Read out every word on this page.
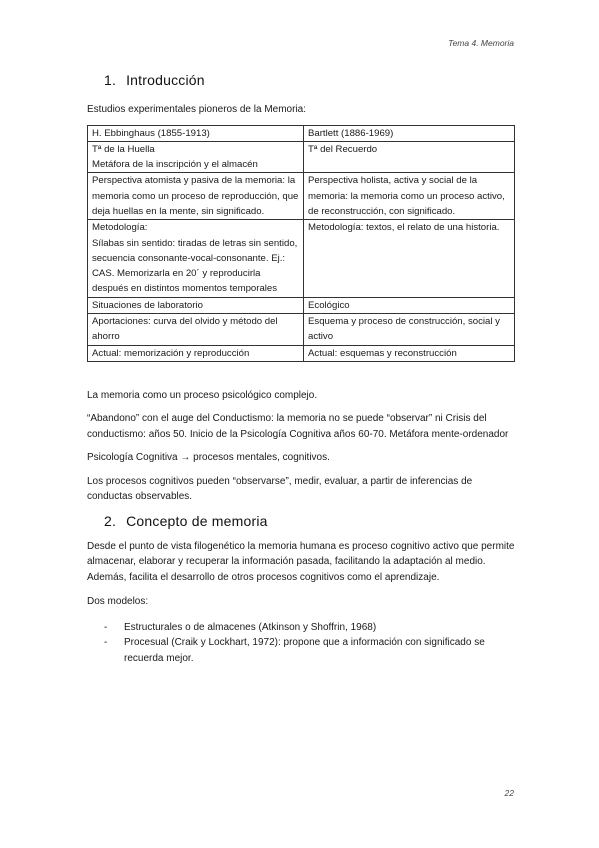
Tema 4. Memoria
1. Introducción

Estudios experimentales pioneros de la Memoria:

H. Ebbinghaus (1855-1913)	Bartlett (1886-1969)
Tª de la Huella
Metáfora de la inscripción y el almacén	Tª del Recuerdo
Perspectiva atomista y pasiva de la memoria: la memoria como un proceso de reproducción, que deja huellas en la mente, sin significado.	Perspectiva holista, activa y social de la memoria: la memoria como un proceso activo, de reconstrucción, con significado.
Metodología:
Sílabas sin sentido: tiradas de letras sin sentido, secuencia consonante-vocal-consonante. Ej.: CAS. Memorizarla en 20´ y reproducirla después en distintos momentos temporales	Metodología: textos, el relato de una historia.
Situaciones de laboratorio	Ecológico
Aportaciones: curva del olvido y método del ahorro	Esquema y proceso de construcción, social y activo
Actual: memorización y reproducción	Actual: esquemas y reconstrucción

La memoria como un proceso psicológico complejo.

“Abandono” con el auge del Conductismo: la memoria no se puede “observar” ni Crisis del conductismo: años 50. Inicio de la Psicología Cognitiva años 60-70. Metáfora mente-ordenador

Psicología Cognitiva → procesos mentales, cognitivos.

Los procesos cognitivos pueden “observarse”, medir, evaluar, a partir de inferencias de conductas observables.

2. Concepto de memoria

Desde el punto de vista filogenético la memoria humana es proceso cognitivo activo que permite almacenar, elaborar y recuperar la información pasada, facilitando la adaptación al medio. Además, facilita el desarrollo de otros procesos cognitivos como el aprendizaje.

Dos modelos:

-	Estructurales o de almacenes (Atkinson y Shoffrin, 1968)
-	Procesual (Craik y Lockhart, 1972): propone que a información con significado se recuerda mejor.
22
